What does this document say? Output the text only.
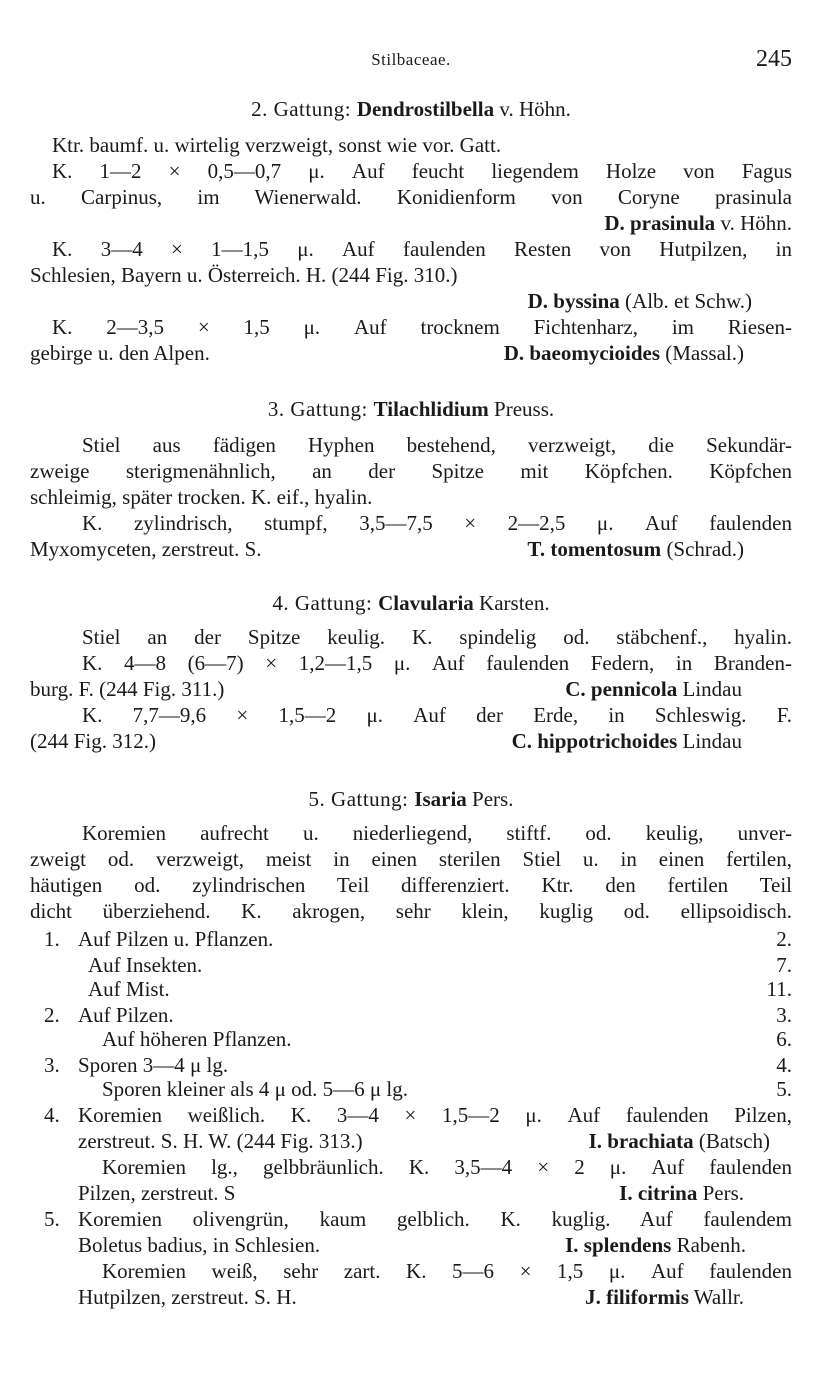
Stilbaceae.	245
2. Gattung: Dendrostilbella v. Höhn.
Ktr. baumf. u. wirtelig verzweigt, sonst wie vor. Gatt.
K. 1—2 × 0,5—0,7 μ. Auf feucht liegendem Holze von Fagus
u. Carpinus, im Wienerwald. Konidienform von Coryne prasinula
D. prasinula v. Höhn.
K. 3—4 × 1—1,5 μ. Auf faulenden Resten von Hutpilzen, in
Schlesien, Bayern u. Österreich. H. (244 Fig. 310.)
D. byssina (Alb. et Schw.)
K. 2—3,5 × 1,5 μ. Auf trocknem Fichtenharz, im Riesen-
gebirge u. den Alpen.	D. baeomycioides (Massal.)
3. Gattung: Tilachlidium Preuss.
Stiel aus fädigen Hyphen bestehend, verzweigt, die Sekundär-
zweige sterigmenähnlich, an der Spitze mit Köpfchen. Köpfchen
schleimig, später trocken. K. eif., hyalin.
K. zylindrisch, stumpf, 3,5—7,5 × 2—2,5 μ. Auf faulenden
Myxomyceten, zerstreut. S.	T. tomentosum (Schrad.)
4. Gattung: Clavularia Karsten.
Stiel an der Spitze keulig. K. spindelig od. stäbchenf., hyalin.
K. 4—8 (6—7) × 1,2—1,5 μ. Auf faulenden Federn, in Branden-
burg. F. (244 Fig. 311.)	C. pennicola Lindau
K. 7,7—9,6 × 1,5—2 μ. Auf der Erde, in Schleswig. F.
(244 Fig. 312.)	C. hippotrichoides Lindau
5. Gattung: Isaria Pers.
Koremien aufrecht u. niederliegend, stiftf. od. keulig, unver-
zweigt od. verzweigt, meist in einen sterilen Stiel u. in einen fertilen,
häutigen od. zylindrischen Teil differenziert. Ktr. den fertilen Teil
dicht überziehend. K. akrogen, sehr klein, kuglig od. ellipsoidisch.
1. Auf Pilzen u. Pflanzen.	2.
Auf Insekten.	7.
Auf Mist.	11.
2. Auf Pilzen.	3.
Auf höheren Pflanzen.	6.
3. Sporen 3—4 μ lg.	4.
Sporen kleiner als 4 μ od. 5—6 μ lg.	5.
4. Koremien weißlich. K. 3—4 × 1,5—2 μ. Auf faulenden Pilzen,
zerstreut. S. H. W. (244 Fig. 313.)	I. brachiata (Batsch)
Koremien lg., gelbbräunlich. K. 3,5—4 × 2 μ. Auf faulenden
Pilzen, zerstreut. S	I. citrina Pers.
5. Koremien olivengrün, kaum gelblich. K. kuglig. Auf faulendem
Boletus badius, in Schlesien.	I. splendens Rabenh.
Koremien weiß, sehr zart. K. 5—6 × 1,5 μ. Auf faulenden
Hutpilzen, zerstreut. S. H.	J. filiformis Wallr.
